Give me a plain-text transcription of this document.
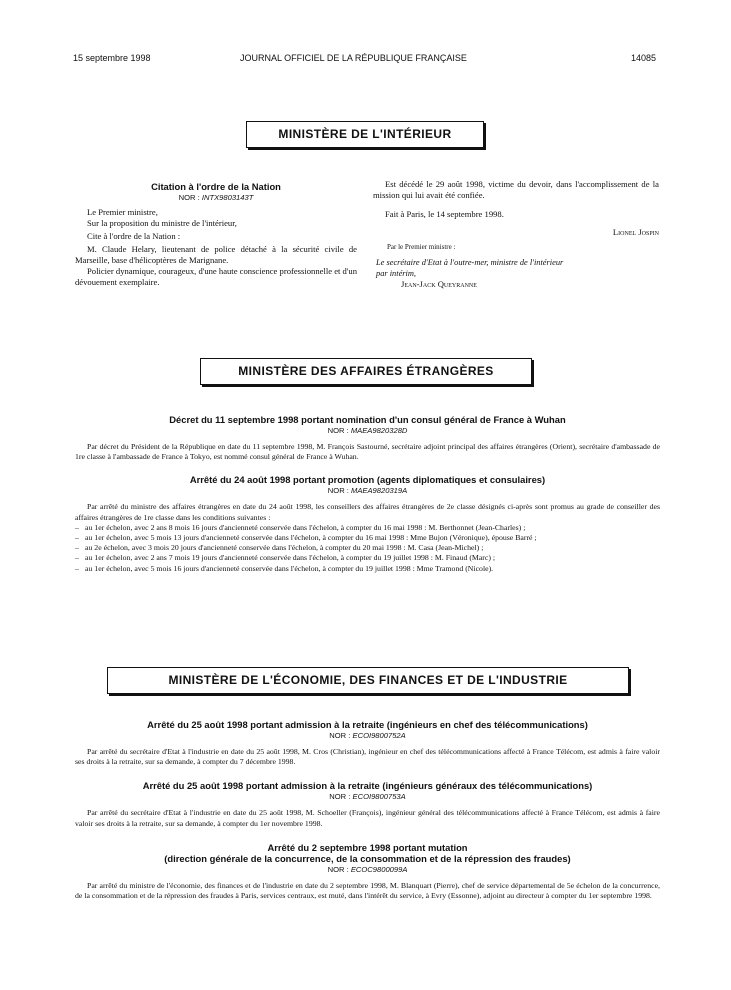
15 septembre 1998	JOURNAL OFFICIEL DE LA RÉPUBLIQUE FRANÇAISE	14085
MINISTÈRE DE L'INTÉRIEUR
Citation à l'ordre de la Nation
NOR : INTX9803143T
Le Premier ministre,
Sur la proposition du ministre de l'intérieur,
Cite à l'ordre de la Nation :
M. Claude Helary, lieutenant de police détaché à la sécurité civile de Marseille, base d'hélicoptères de Marignane.
Policier dynamique, courageux, d'une haute conscience professionnelle et d'un dévouement exemplaire.
Est décédé le 29 août 1998, victime du devoir, dans l'accomplissement de la mission qui lui avait été confiée.
Fait à Paris, le 14 septembre 1998.
Lionel Jospin
Par le Premier ministre :
Le secrétaire d'Etat à l'outre-mer, ministre de l'intérieur par intérim,
Jean-Jack Queyranne
MINISTÈRE DES AFFAIRES ÉTRANGÈRES
Décret du 11 septembre 1998 portant nomination d'un consul général de France à Wuhan
NOR : MAEA9820328D
Par décret du Président de la République en date du 11 septembre 1998, M. François Sastourné, secrétaire adjoint principal des affaires étrangères (Orient), secrétaire d'ambassade de 1re classe à l'ambassade de France à Tokyo, est nommé consul général de France à Wuhan.
Arrêté du 24 août 1998 portant promotion (agents diplomatiques et consulaires)
NOR : MAEA9820319A
Par arrêté du ministre des affaires étrangères en date du 24 août 1998, les conseillers des affaires étrangères de 2e classe désignés ci-après sont promus au grade de conseiller des affaires étrangères de 1re classe dans les conditions suivantes :
– au 1er échelon, avec 2 ans 8 mois 16 jours d'ancienneté conservée dans l'échelon, à compter du 16 mai 1998 : M. Berthonnet (Jean-Charles) ;
– au 1er échelon, avec 5 mois 13 jours d'ancienneté conservée dans l'échelon, à compter du 16 mai 1998 : Mme Bujon (Véronique), épouse Barré ;
– au 2e échelon, avec 3 mois 20 jours d'ancienneté conservée dans l'échelon, à compter du 20 mai 1998 : M. Casa (Jean-Michel) ;
– au 1er échelon, avec 2 ans 7 mois 19 jours d'ancienneté conservée dans l'échelon, à compter du 19 juillet 1998 : M. Finaud (Marc) ;
– au 1er échelon, avec 5 mois 16 jours d'ancienneté conservée dans l'échelon, à compter du 19 juillet 1998 : Mme Tramond (Nicole).
MINISTÈRE DE L'ÉCONOMIE, DES FINANCES ET DE L'INDUSTRIE
Arrêté du 25 août 1998 portant admission à la retraite (ingénieurs en chef des télécommunications)
NOR : ECOI9800752A
Par arrêté du secrétaire d'Etat à l'industrie en date du 25 août 1998, M. Cros (Christian), ingénieur en chef des télécommunications affecté à France Télécom, est admis à faire valoir ses droits à la retraite, sur sa demande, à compter du 7 décembre 1998.
Arrêté du 25 août 1998 portant admission à la retraite (ingénieurs généraux des télécommunications)
NOR : ECOI9800753A
Par arrêté du secrétaire d'Etat à l'industrie en date du 25 août 1998, M. Schoeller (François), ingénieur général des télécommunications affecté à France Télécom, est admis à faire valoir ses droits à la retraite, sur sa demande, à compter du 1er novembre 1998.
Arrêté du 2 septembre 1998 portant mutation
(direction générale de la concurrence, de la consommation et de la répression des fraudes)
NOR : ECOC9800099A
Par arrêté du ministre de l'économie, des finances et de l'industrie en date du 2 septembre 1998, M. Blanquart (Pierre), chef de service départemental de 5e échelon de la concurrence, de la consommation et de la répression des fraudes à Paris, services centraux, est muté, dans l'intérêt du service, à Evry (Essonne), adjoint au directeur à compter du 1er septembre 1998.
